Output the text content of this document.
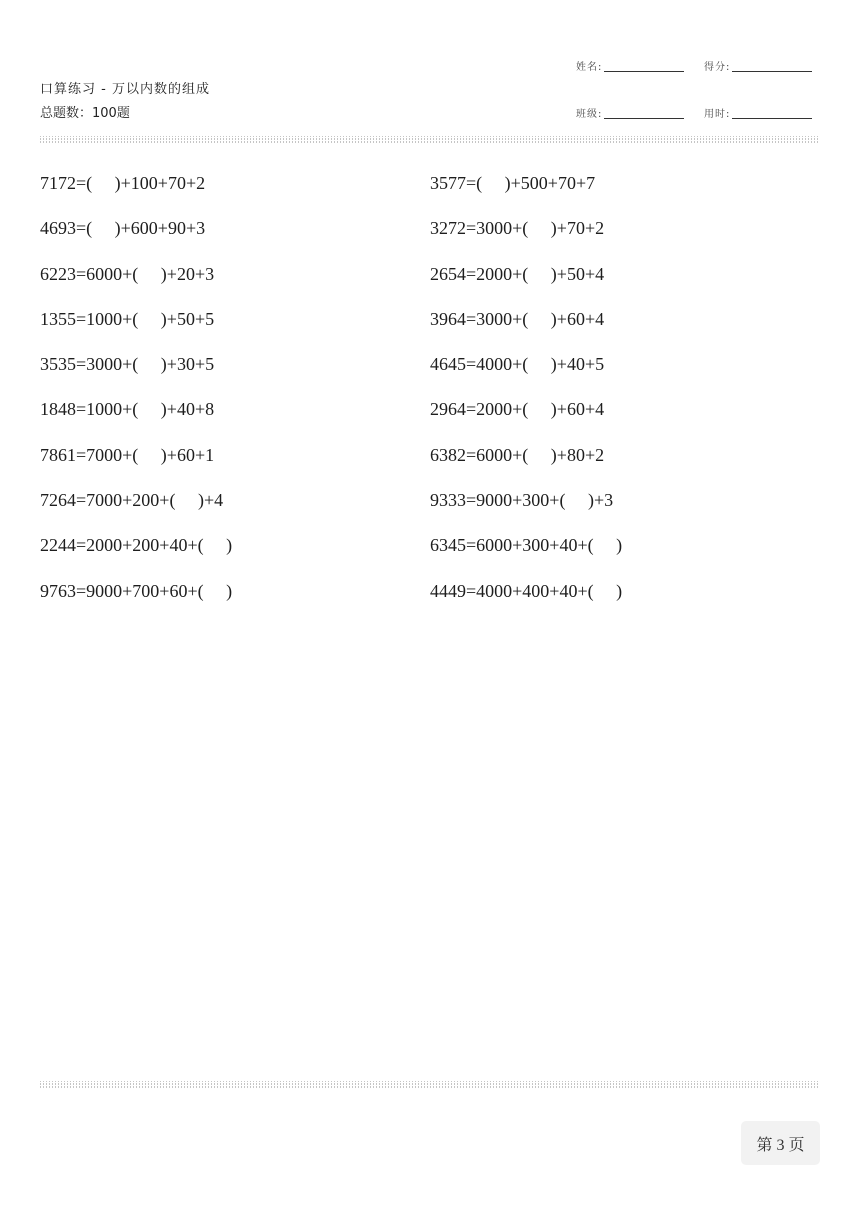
口算练习 - 万以内数的组成
总题数：100题
姓名:	得分:
班级:	用时:
7172=(     )+100+70+2	3577=(     )+500+70+7
4693=(     )+600+90+3	3272=3000+(     )+70+2
6223=6000+(     )+20+3	2654=2000+(     )+50+4
1355=1000+(     )+50+5	3964=3000+(     )+60+4
3535=3000+(     )+30+5	4645=4000+(     )+40+5
1848=1000+(     )+40+8	2964=2000+(     )+60+4
7861=7000+(     )+60+1	6382=6000+(     )+80+2
7264=7000+200+(     )+4	9333=9000+300+(     )+3
2244=2000+200+40+(     )	6345=6000+300+40+(     )
9763=9000+700+60+(     )	4449=4000+400+40+(     )
第 3 页
